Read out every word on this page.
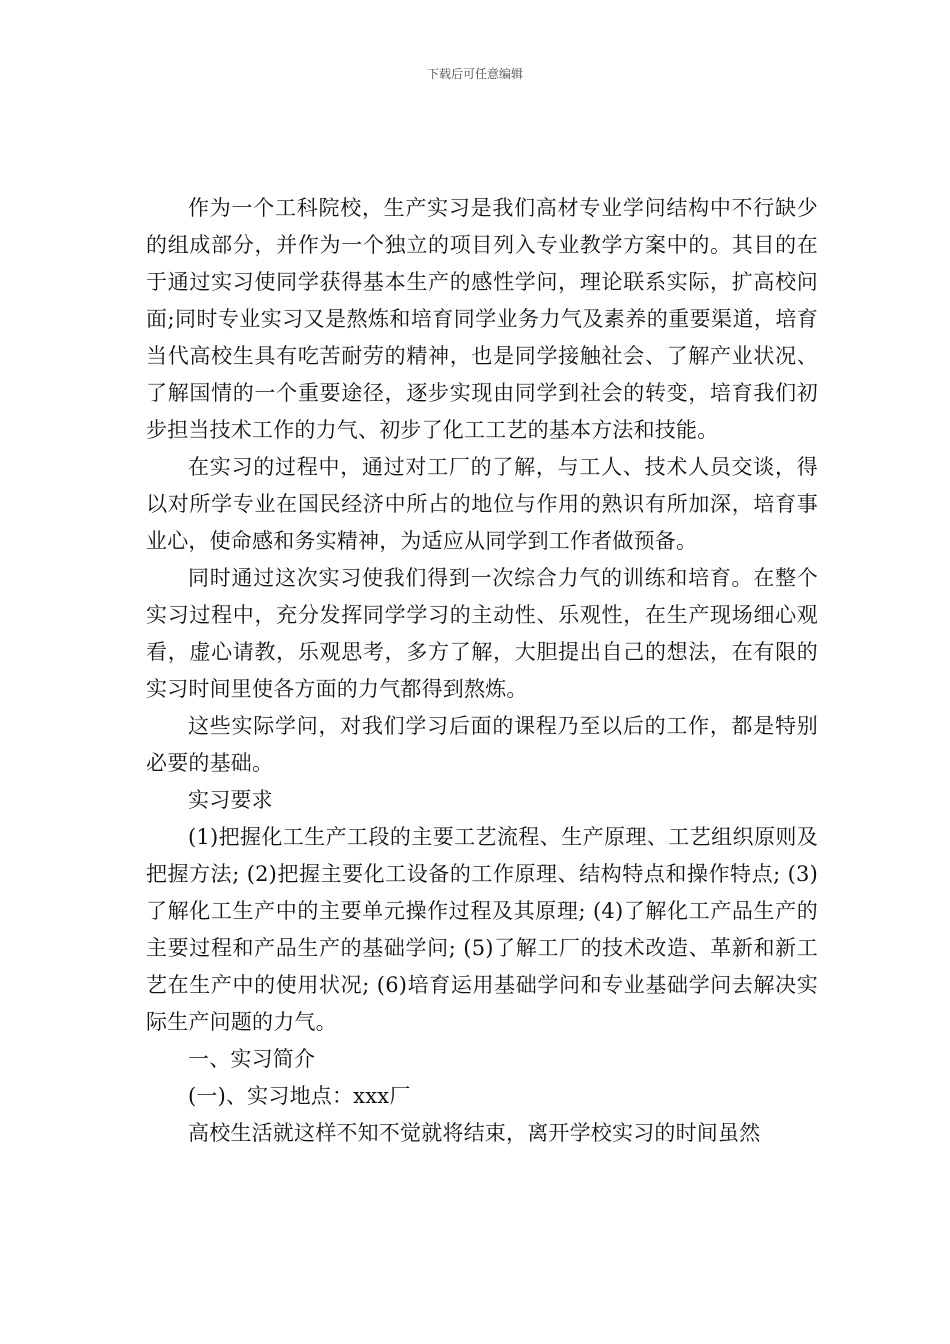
下载后可任意编辑

作为一个工科院校，生产实习是我们高材专业学问结构中不行缺少的组成部分，并作为一个独立的项目列入专业教学方案中的。其目的在于通过实习使同学获得基本生产的感性学问，理论联系实际，扩高校问面;同时专业实习又是熬炼和培育同学业务力气及素养的重要渠道，培育当代高校生具有吃苦耐劳的精神，也是同学接触社会、了解产业状况、了解国情的一个重要途径，逐步实现由同学到社会的转变，培育我们初步担当技术工作的力气、初步了化工工艺的基本方法和技能。

在实习的过程中，通过对工厂的了解，与工人、技术人员交谈，得以对所学专业在国民经济中所占的地位与作用的熟识有所加深，培育事业心，使命感和务实精神，为适应从同学到工作者做预备。

同时通过这次实习使我们得到一次综合力气的训练和培育。在整个实习过程中，充分发挥同学学习的主动性、乐观性，在生产现场细心观看，虚心请教，乐观思考，多方了解，大胆提出自己的想法，在有限的实习时间里使各方面的力气都得到熬炼。

这些实际学问，对我们学习后面的课程乃至以后的工作，都是特别必要的基础。

实习要求

(1)把握化工生产工段的主要工艺流程、生产原理、工艺组织原则及把握方法; (2)把握主要化工设备的工作原理、结构特点和操作特点; (3)了解化工生产中的主要单元操作过程及其原理; (4)了解化工产品生产的主要过程和产品生产的基础学问; (5)了解工厂的技术改造、革新和新工艺在生产中的使用状况; (6)培育运用基础学问和专业基础学问去解决实际生产问题的力气。

一、实习简介

(一)、实习地点：xxx厂

高校生活就这样不知不觉就将结束，离开学校实习的时间虽然
